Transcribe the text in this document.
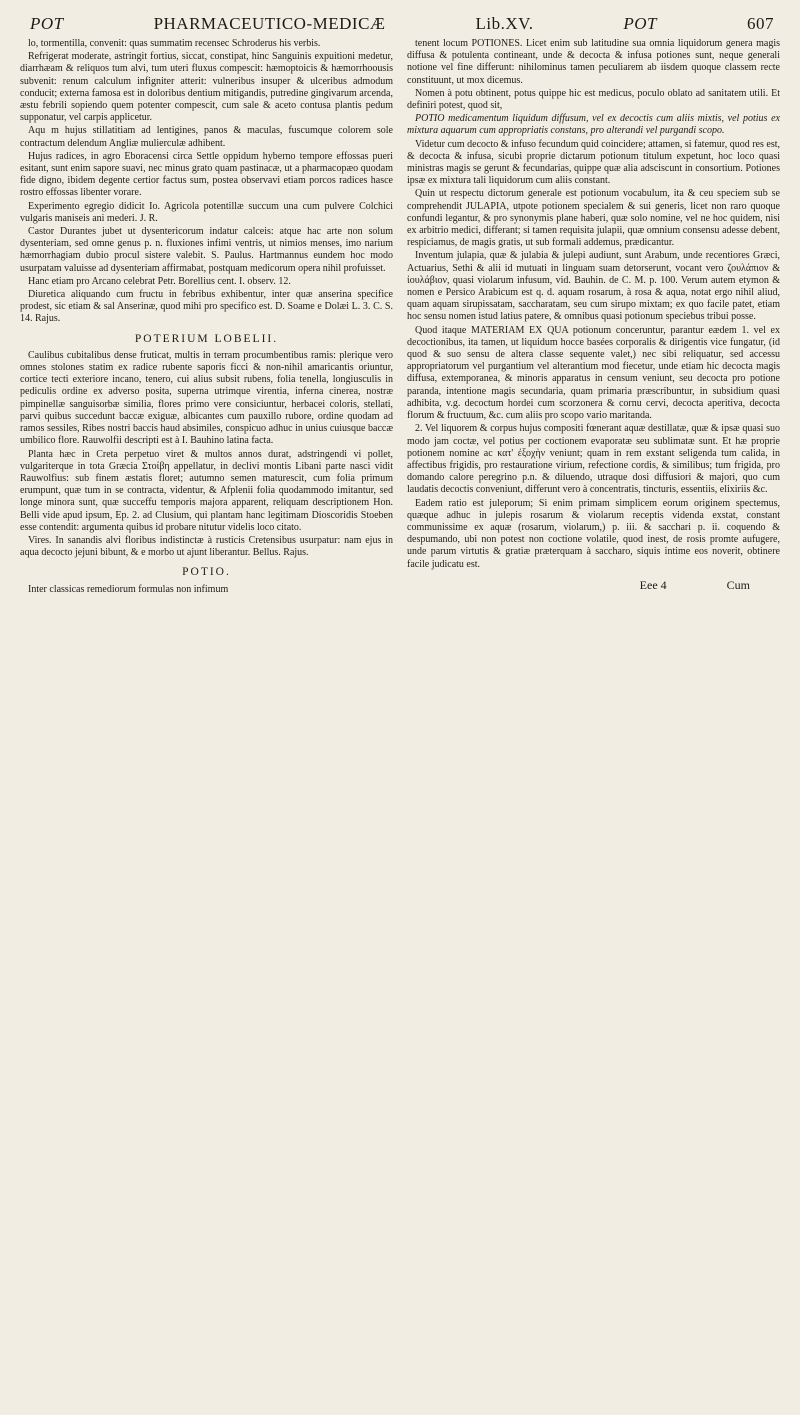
POT	PHARMACEUTICO-MEDICÆ	Lib.XV.	POT	607

lo, tormentilla, convenit: quas summatim recensec Schroderus his verbis.

Refrigerat moderate, astringit fortius, siccat, constipat, hinc Sanguinis expuitioni medetur, diarrhæam & reliquos tum alvi, tum uteri fluxus compescit: hæmoptoicis & hæmorrhoousis subvenit: renum calculum infigniter atterit: vulneribus insuper & ulceribus admodum conducit; externa famosa est in doloribus dentium mitigandis, putredine gingivarum arcenda, æstu febrili sopiendo quem potenter compescit, cum sale & aceto contusa plantis pedum supponatur, vel carpis applicetur.

Aqu m hujus stillatitiam ad lentigines, panos & maculas, fuscumque colorem sole contractum delendum Angliæ mulierculæ adhibent.

Hujus radices, in agro Eboracensi circa Settle oppidum hyberno tempore effossas pueri esitant, sunt enim sapore suavi, nec minus grato quam pastinacæ, ut a pharmacopæo quodam fide digno, ibidem degente certior factus sum, postea observavi etiam porcos radices hasce rostro effossas libenter vorare.

Experimento egregio didicit Io. Agricola potentillæ succum una cum pulvere Colchici vulgaris maniseis ani mederi. J. R.

Castor Durantes jubet ut dysentericorum indatur calceis: atque hac arte non solum dysenteriam, sed omne genus p. n. fluxiones infimi ventris, ut nimios menses, imo narium hæmorrhagiam dubio procul sistere valebit. S. Paulus. Hartmannus eundem hoc modo usurpatam valuisse ad dysenteriam affirmabat, postquam medicorum opera nihil profuisset.

Hanc etiam pro Arcano celebrat Petr. Borellius cent. I. observ. 12.

Diuretica aliquando cum fructu in febribus exhibentur, inter quæ anserina specifice prodest, sic etiam & sal Anserinæ, quod mihi pro specifico est. D. Soame e Dolæi L. 3. C. S. 14. Rajus.

POTERIUM LOBELII.

Caulibus cubitalibus dense fruticat, multis in terram procumbentibus ramis: plerique vero omnes stolones statim ex radice rubente saporis ficci & non-nihil amaricantis oriuntur, cortice tecti exteriore incano, tenero, cui alius subsit rubens, folia tenella, longiusculis in pediculis ordine ex adverso posita, superna utrimque virentia, inferna cinerea, nostræ pimpinellæ sanguisorbæ similia, flores primo vere consiciuntur, herbacei coloris, stellati, parvi quibus succedunt baccæ exiguæ, albicantes cum pauxillo rubore, ordine quodam ad ramos sessiles, Ribes nostri baccis haud absimiles, conspicuo adhuc in unius cuiusque baccæ umbilico flore. Rauwolfii descripti est à I. Bauhino latina facta.

Planta hæc in Creta perpetuo viret & multos annos durat, adstringendi vi pollet, vulgariterque in tota Græcia Στοίβη appellatur, in declivi montis Libani parte nasci vidit Rauwolfius: sub finem æstatis floret; autumno semen maturescit, cum folia primum erumpunt, quæ tum in se contracta, videntur, & Afplenii folia quodammodo imitantur, sed longe minora sunt, quæ succeffu temporis majora apparent, reliquam descriptionem Hon. Belli vide apud ipsum, Ep. 2. ad Clusium, qui plantam hanc legitimam Dioscoridis Stoeben esse contendit: argumenta quibus id probare nitutur videlis loco citato.

Vires. In sanandis alvi floribus indistinctæ à rusticis Cretensibus usurpatur: nam ejus in aqua decocto jejuni bibunt, & e morbo ut ajunt liberantur. Bellus. Rajus.

POTIO.

Inter classicas remediorum formulas non infimum

tenent locum POTIONES. Licet enim sub latitudine sua omnia liquidorum genera magis diffusa & potulenta contineant, unde & decocta & infusa potiones sunt, neque generali notione vel fine differunt: nihilominus tamen peculiarem ab iisdem quoque classem recte constituunt, ut mox dicemus.

Nomen à potu obtinent, potus quippe hic est medicus, poculo oblato ad sanitatem utili. Et definiri potest, quod sit,

POTIO medicamentum liquidum diffusum, vel ex decoctis cum aliis mixtis, vel potius ex mixtura aquarum cum appropriatis constans, pro alterandi vel purgandi scopo.

Videtur cum decocto & infuso fecundum quid coincidere; attamen, si fatemur, quod res est, & decocta & infusa, sicubi proprie dictarum potionum titulum expetunt, hoc loco quasi ministras magis se gerunt & fecundarias, quippe quæ alia adsciscunt in consortium. Potiones ipsæ ex mixtura tali liquidorum cum aliis constant.

Quin ut respectu dictorum generale est potionum vocabulum, ita & ceu speciem sub se comprehendit JULAPIA, utpote potionem specialem & sui generis, licet non raro quoque confundi legantur, & pro synonymis plane haberi, quæ solo nomine, vel ne hoc quidem, nisi ex arbitrio medici, differant; si tamen requisita julapii, quæ omnium consensu adesse debent, respiciamus, de magis gratis, ut sub formali addemus, prædicantur.

Inventum julapia, quæ & julabia & julepi audiunt, sunt Arabum, unde recentiores Græci, Actuarius, Sethi & alii id mutuati in linguam suam detorserunt, vocant vero ζουλάπιον & ἰουλάβιον, quasi violarum infusum, vid. Bauhin. de C. M. p. 100. Verum autem etymon & nomen e Persico Arabicum est q. d. aquam rosarum, à rosa & aqua, notat ergo nihil aliud, quam aquam sirupissatam, saccharatam, seu cum sirupo mixtam; ex quo facile patet, etiam hoc sensu nomen istud latius patere, & omnibus quasi potionum speciebus tribui posse.

Quod itaque MATERIAM EX QUA potionum conceruntur, parantur eædem 1. vel ex decoctionibus, ita tamen, ut liquidum hocce basées corporalis & dirigentis vice fungatur, (id quod & suo sensu de altera classe sequente valet,) nec sibi reliquatur, sed accessu appropriatorum vel purgantium vel alterantium mod fiecetur, unde etiam hic decocta magis diffusa, extemporanea, & minoris apparatus in censum veniunt, seu decocta pro potione paranda, intentione magis secundaria, quam primaria præscribuntur, in subsidium quasi adhibita, v.g. decoctum hordei cum scorzonera & cornu cervi, decocta aperitiva, decocta florum & fructuum, &c. cum aliis pro scopo vario maritanda.

2. Vel liquorem & corpus hujus compositi fœnerant aquæ destillatæ, quæ & ipsæ quasi suo modo jam coctæ, vel potius per coctionem evaporatæ seu sublimatæ sunt. Et hæ proprie potionem nomine ac κατ' ἐξοχὴν veniunt; quam in rem exstant seligenda tum calida, in affectibus frigidis, pro restauratione virium, refectione cordis, & similibus; tum frigida, pro domando calore peregrino p.n. & diluendo, utraque dosi diffusiori & majori, quo cum laudatis decoctis conveniunt, differunt vero à concentratis, tincturis, essentiis, elixiriis &c.

Eadem ratio est juleporum; Si enim primam simplicem eorum originem spectemus, quæque adhuc in julepis rosarum & violarum receptis videnda exstat, constant communissime ex aquæ (rosarum, violarum,) p. iii. & sacchari p. ii. coquendo & despumando, ubi non potest non coctione volatile, quod inest, de rosis promte aufugere, unde parum virtutis & gratiæ præterquam à saccharo, siquis intime eos noverit, obtinere facile judicatu est.

Eee 4	Cum
